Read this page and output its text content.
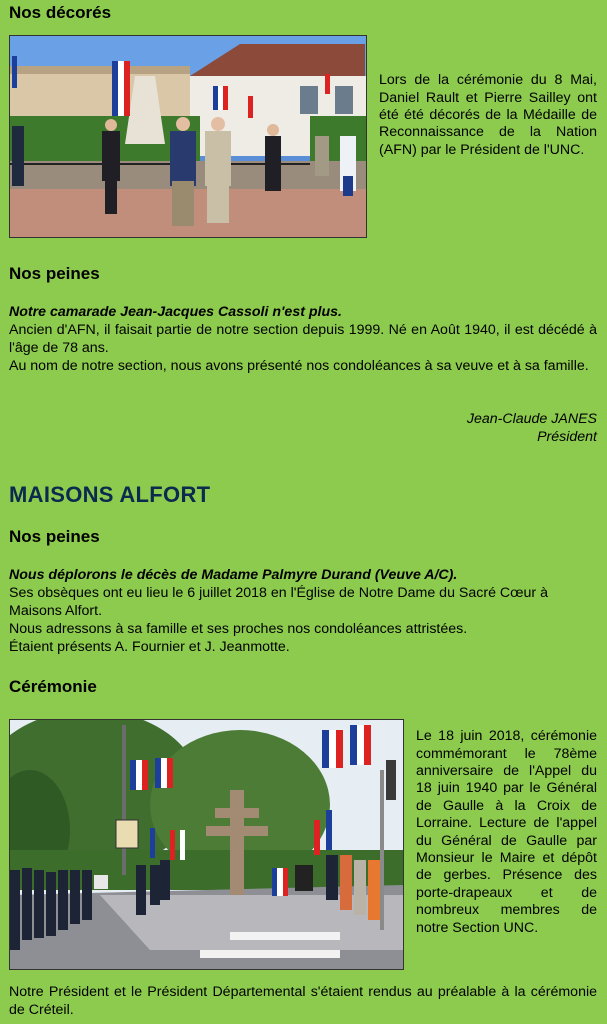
Nos décorés

Lors de la cérémonie du 8 Mai, Daniel Rault et Pierre Sailley ont été été décorés de la Médaille de Reconnaissance de la Nation (AFN) par le Président de l'UNC.

Nos peines

Notre camarade Jean-Jacques Cassoli n'est plus.
Ancien d'AFN, il faisait partie de notre section depuis 1999. Né en Août 1940, il est décédé à l'âge de 78 ans.
Au nom de notre section, nous avons présenté nos condoléances à sa veuve et à sa famille.

Jean-Claude JANES
Président
MAISONS ALFORT
Nos peines

Nous déplorons le décès de Madame Palmyre Durand (Veuve A/C).
Ses obsèques ont eu lieu le 6 juillet 2018 en l'Église de Notre Dame du Sacré Cœur à Maisons Alfort.
Nous adressons à sa famille et ses proches nos condoléances attristées.
Étaient présents A. Fournier et J. Jeanmotte.

Cérémonie

Le 18 juin 2018, cérémonie commémorant le 78ème anniversaire de l'Appel du 18 juin 1940 par le Général de Gaulle à la Croix de Lorraine. Lecture de l'appel du Général de Gaulle par Monsieur le Maire et dépôt de gerbes. Présence des porte-drapeaux et de nombreux membres de notre Section UNC.

Notre Président et le Président Départemental s'étaient rendus au préalable à la cérémonie de Créteil.
